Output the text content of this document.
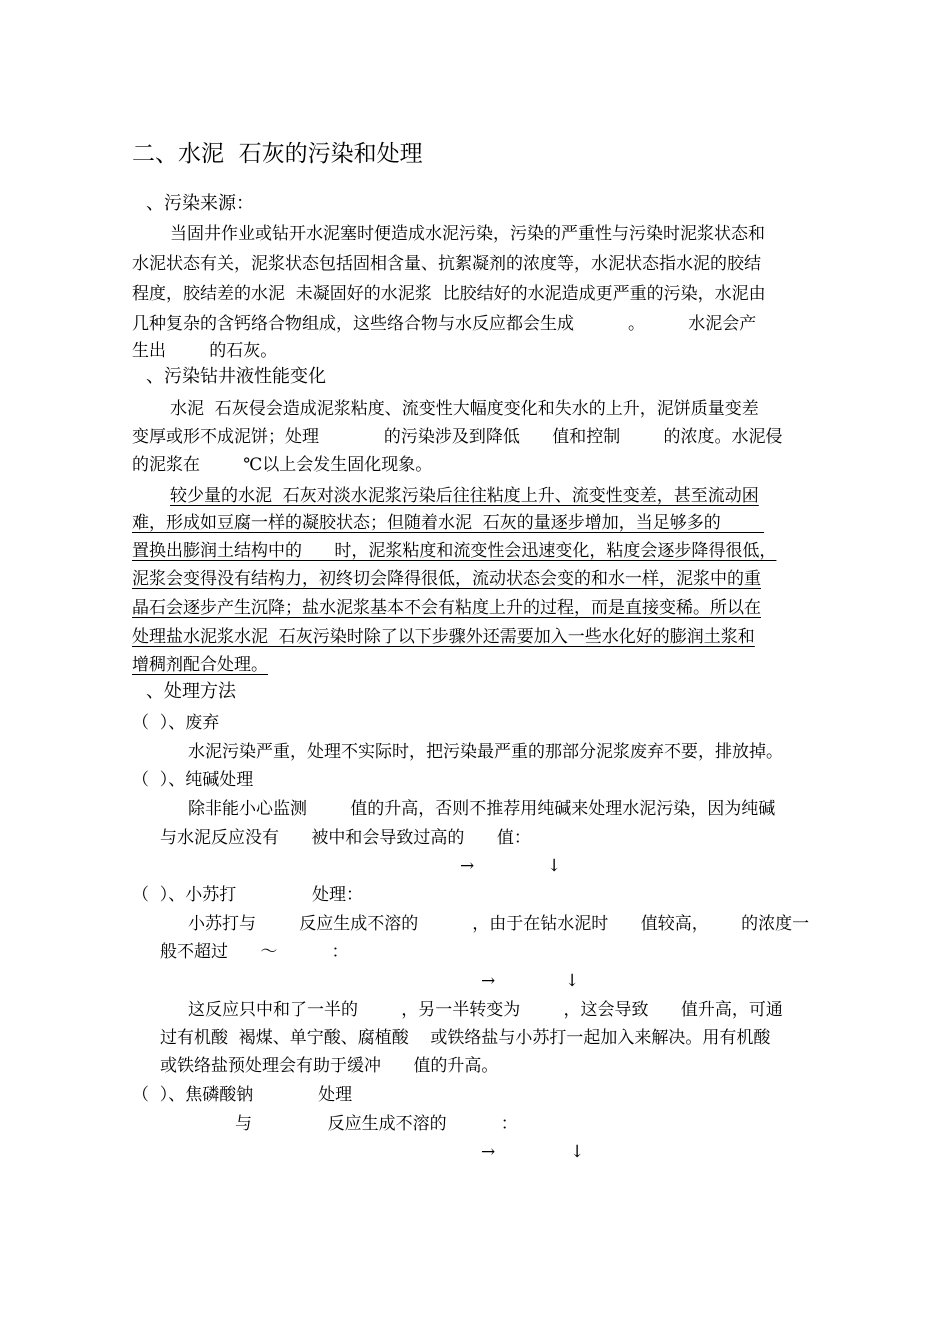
二、水泥  石灰的污染和处理
、污染来源：
当固井作业或钻开水泥塞时便造成水泥污染，污染的严重性与污染时泥浆状态和
水泥状态有关，泥浆状态包括固相含量、抗絮凝剂的浓度等，水泥状态指水泥的胶结
程度，胶结差的水泥  未凝固好的水泥浆  比胶结好的水泥造成更严重的污染，水泥由
几种复杂的含钙络合物组成，这些络合物与水反应都会生成          。        水泥会产
生出        的石灰。
、污染钻井液性能变化
水泥  石灰侵会造成泥浆粘度、流变性大幅度变化和失水的上升，泥饼质量变差
变厚或形不成泥饼；处理            的污染涉及到降低      值和控制        的浓度。水泥侵
的泥浆在        ℃以上会发生固化现象。
较少量的水泥  石灰对淡水泥浆污染后往往粘度上升、流变性变差，甚至流动困
难，形成如豆腐一样的凝胶状态；但随着水泥  石灰的量逐步增加，当足够多的
置换出膨润土结构中的      时，泥浆粘度和流变性会迅速变化，粘度会逐步降得很低，
泥浆会变得没有结构力，初终切会降得很低，流动状态会变的和水一样，泥浆中的重
晶石会逐步产生沉降；盐水泥浆基本不会有粘度上升的过程，而是直接变稀。所以在
处理盐水泥浆水泥  石灰污染时除了以下步骤外还需要加入一些水化好的膨润土浆和
增稠剂配合处理。
、处理方法
（  ）、废弃
水泥污染严重，处理不实际时，把污染最严重的那部分泥浆废弃不要，排放掉。
（  ）、纯碱处理
除非能小心监测        值的升高，否则不推荐用纯碱来处理水泥污染，因为纯碱
与水泥反应没有      被中和会导致过高的      值：
→	↓
（  ）、小苏打              处理：
小苏打与        反应生成不溶的          ，由于在钻水泥时      值较高，      的浓度一
般不超过      ～          ：
→	↓
这反应只中和了一半的        ，另一半转变为        ，这会导致      值升高，可通
过有机酸  褐煤、单宁酸、腐植酸    或铁络盐与小苏打一起加入来解决。用有机酸
或铁络盐预处理会有助于缓冲      值的升高。
（  ）、焦磷酸钠            处理
与              反应生成不溶的          ：
→	↓
